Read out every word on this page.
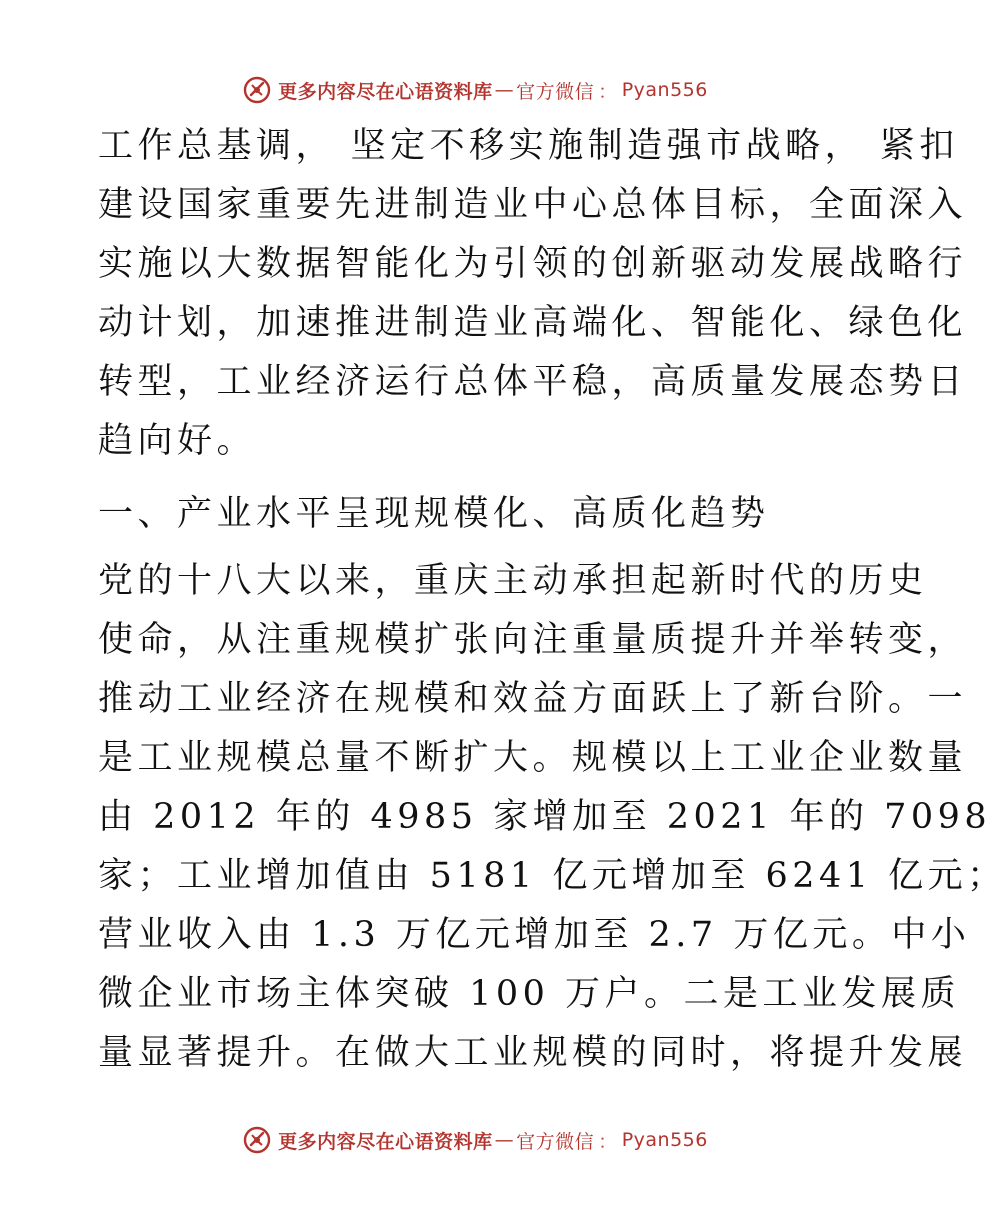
更多内容尽在心语资料库 — 官方微信 ： Pyan556
工作总基调， 坚定不移实施制造强市战略， 紧扣
建设国家重要先进制造业中心总体目标，全面深入
实施以大数据智能化为引领的创新驱动发展战略行
动计划，加速推进制造业高端化、智能化、绿色化
转型，工业经济运行总体平稳，高质量发展态势日
趋向好。
一、产业水平呈现规模化、高质化趋势
党的十八大以来，重庆主动承担起新时代的历史
使命，从注重规模扩张向注重量质提升并举转变，
推动工业经济在规模和效益方面跃上了新台阶。一
是工业规模总量不断扩大。规模以上工业企业数量
由 2012 年的 4985 家增加至 2021 年的 7098
家；工业增加值由 5181 亿元增加至 6241 亿元；
营业收入由 1.3 万亿元增加至 2.7 万亿元。中小
微企业市场主体突破 100 万户。二是工业发展质
量显著提升。在做大工业规模的同时，将提升发展
更多内容尽在心语资料库 — 官方微信 ： Pyan556
